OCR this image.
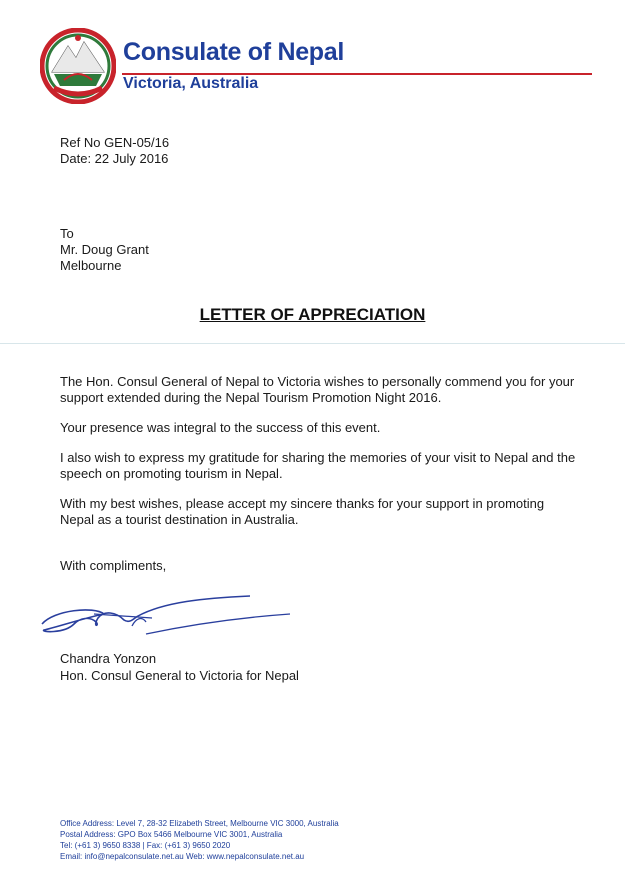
Consulate of Nepal
Victoria, Australia
Ref No GEN-05/16
Date: 22 July 2016
To
Mr. Doug Grant
Melbourne
LETTER OF APPRECIATION

The Hon. Consul General of Nepal to Victoria wishes to personally commend you for your support extended during the Nepal Tourism Promotion Night 2016.

Your presence was integral to the success of this event.

I also wish to express my gratitude for sharing the memories of your visit to Nepal and the speech on promoting tourism in Nepal.

With my best wishes, please accept my sincere thanks for your support in promoting Nepal as a tourist destination in Australia.

With compliments,
Chandra Yonzon
Hon. Consul General to Victoria for Nepal
Office Address: Level 7, 28-32 Elizabeth Street, Melbourne VIC 3000, Australia
Postal Address: GPO Box 5466 Melbourne VIC 3001, Australia
Tel: (+61 3) 9650 8338 | Fax: (+61 3) 9650 2020
Email: info@nepalconsulate.net.au Web: www.nepalconsulate.net.au
